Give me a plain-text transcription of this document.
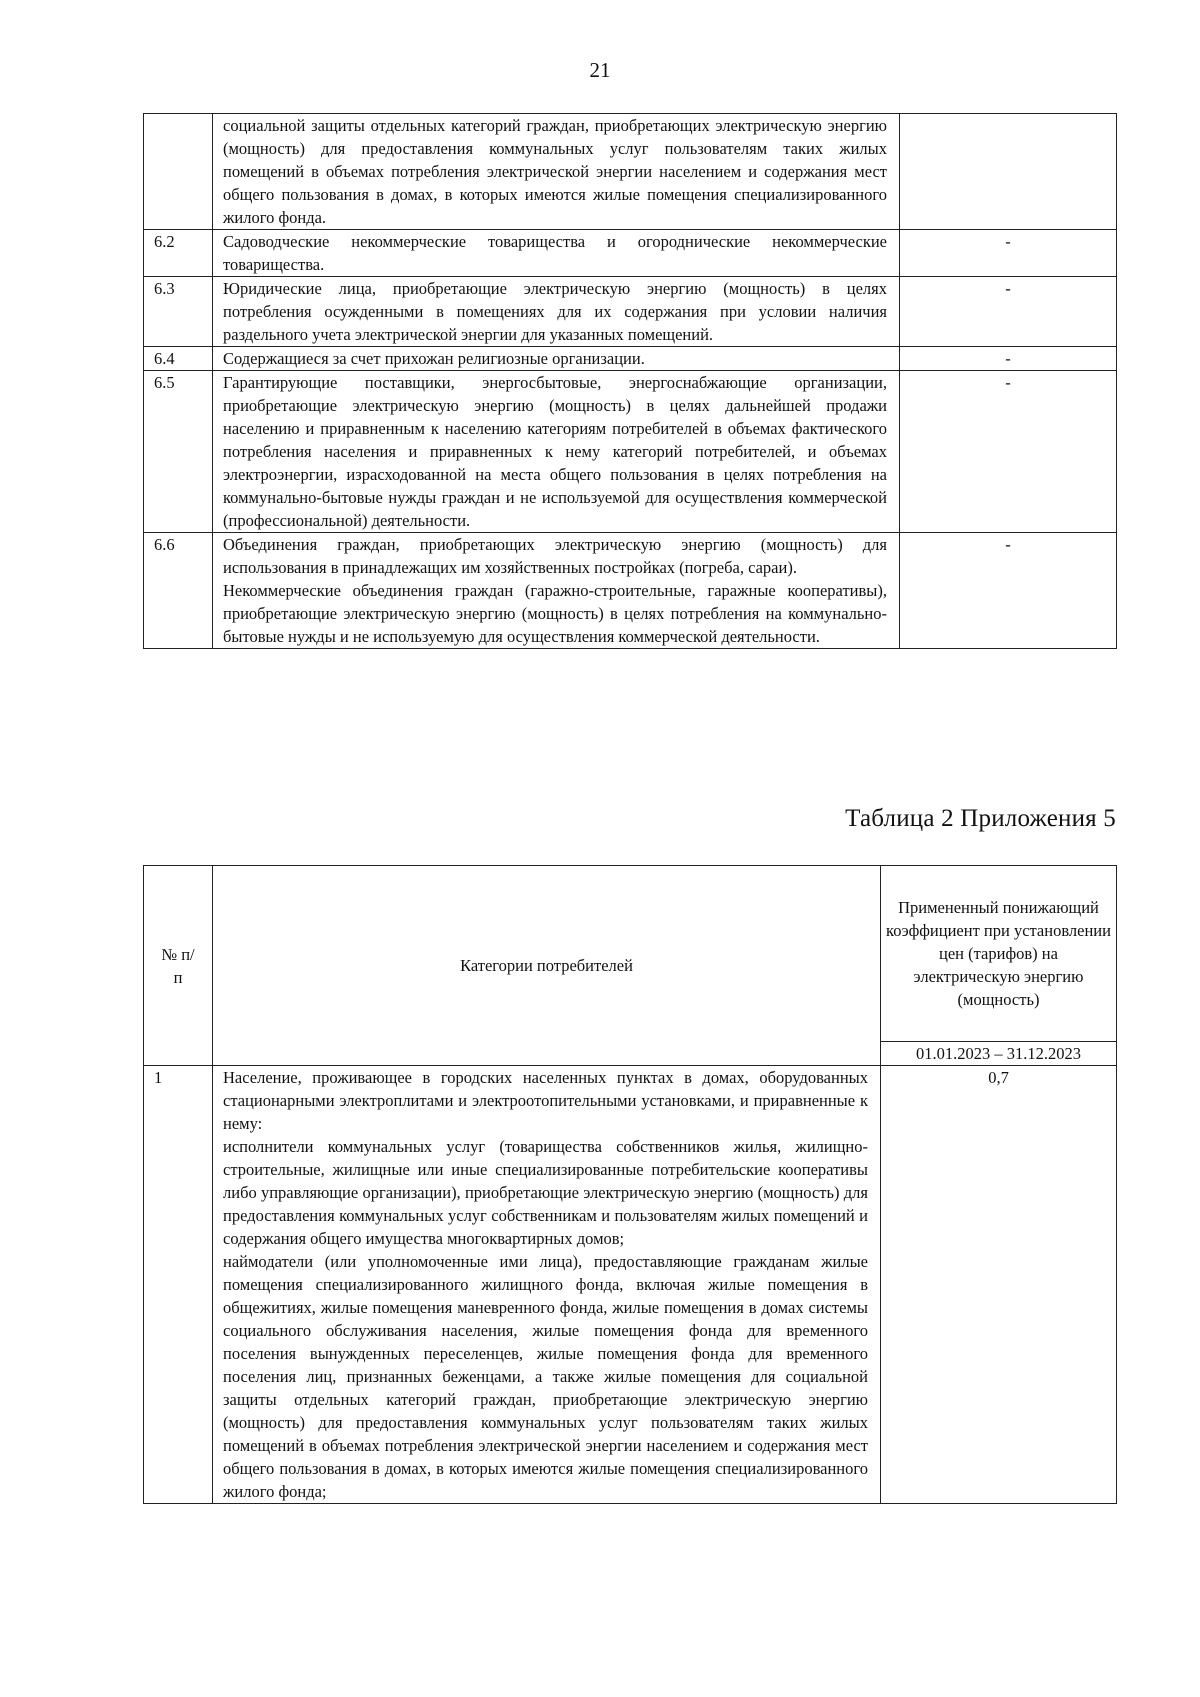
21
	социальной защиты отдельных категорий граждан, приобретающих электрическую энергию (мощность) для предоставления коммунальных услуг пользователям таких жилых помещений в объемах потребления электрической энергии населением и содержания мест общего пользования в домах, в которых имеются жилые помещения специализированного жилого фонда.	
6.2	Садоводческие некоммерческие товарищества и огороднические некоммерческие товарищества.	-
6.3	Юридические лица, приобретающие электрическую энергию (мощность) в целях потребления осужденными в помещениях для их содержания при условии наличия раздельного учета электрической энергии для указанных помещений.	-
6.4	Содержащиеся за счет прихожан религиозные организации.	-
6.5	Гарантирующие поставщики, энергосбытовые, энергоснабжающие организации, приобретающие электрическую энергию (мощность) в целях дальнейшей продажи населению и приравненным к населению категориям потребителей в объемах фактического потребления населения и приравненных к нему категорий потребителей, и объемах электроэнергии, израсходованной на места общего пользования в целях потребления на коммунально-бытовые нужды граждан и не используемой для осуществления коммерческой (профессиональной) деятельности.	-
6.6	Объединения граждан, приобретающих электрическую энергию (мощность) для использования в принадлежащих им хозяйственных постройках (погреба, сараи).
Некоммерческие объединения граждан (гаражно-строительные, гаражные кооперативы), приобретающие электрическую энергию (мощность) в целях потребления на коммунально-бытовые нужды и не используемую для осуществления коммерческой деятельности.	-
Таблица 2 Приложения 5
№ п/п	Категории потребителей	Примененный понижающий коэффициент при установлении цен (тарифов) на электрическую энергию (мощность)
		01.01.2023 – 31.12.2023
1	Население, проживающее в городских населенных пунктах в домах, оборудованных стационарными электроплитами и электроотопительными установками, и приравненные к нему:
исполнители коммунальных услуг (товарищества собственников жилья, жилищно-строительные, жилищные или иные специализированные потребительские кооперативы либо управляющие организации), приобретающие электрическую энергию (мощность) для предоставления коммунальных услуг собственникам и пользователям жилых помещений и содержания общего имущества многоквартирных домов;
наймодатели (или уполномоченные ими лица), предоставляющие гражданам жилые помещения специализированного жилищного фонда, включая жилые помещения в общежитиях, жилые помещения маневренного фонда, жилые помещения в домах системы социального обслуживания населения, жилые помещения фонда для временного поселения вынужденных переселенцев, жилые помещения фонда для временного поселения лиц, признанных беженцами, а также жилые помещения для социальной защиты отдельных категорий граждан, приобретающие электрическую энергию (мощность) для предоставления коммунальных услуг пользователям таких жилых помещений в объемах потребления электрической энергии населением и содержания мест общего пользования в домах, в которых имеются жилые помещения специализированного жилого фонда;	0,7
